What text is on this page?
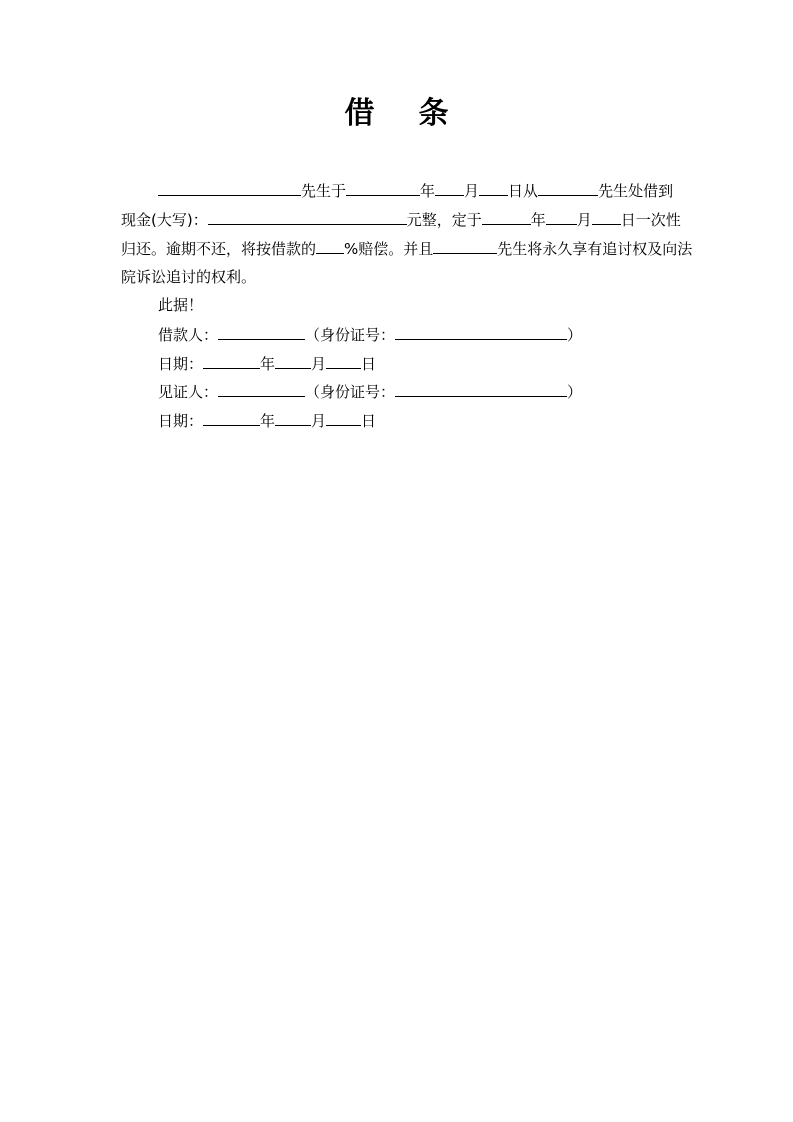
借 条
先生于	年 月 日从	先生处借到
现金(大写)：	元整，定于	年 月 日一次性
归还。逾期不还，将按借款的 %赔偿。并且	先生将永久享有追讨权及向法
院诉讼追讨的权利。
此据！
借款人：	（身份证号：	）
日期：	年 月 日
见证人：	（身份证号：	）
日期：	年 月 日
